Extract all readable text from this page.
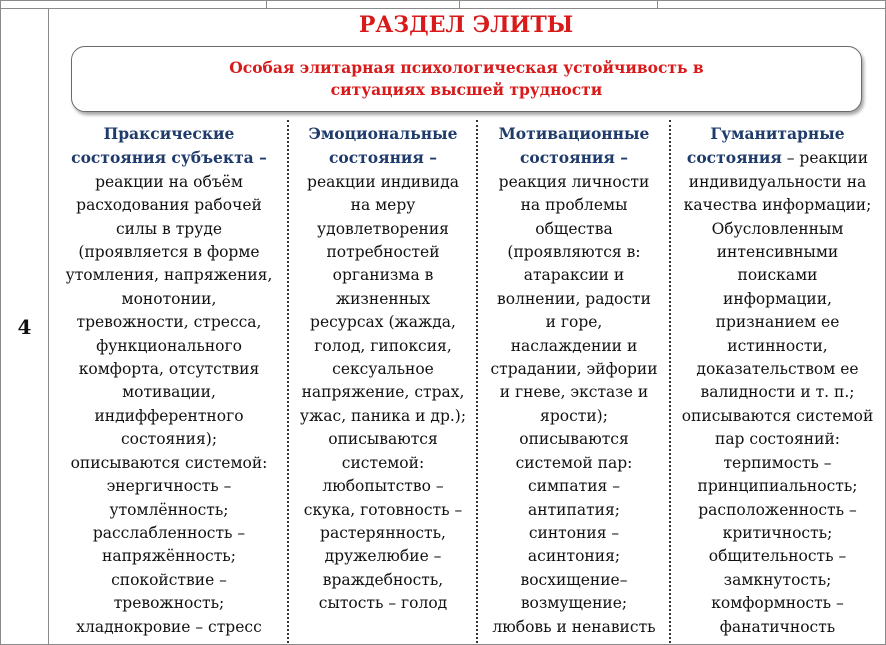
4
РАЗДЕЛ ЭЛИТЫ
Особая элитарная психологическая устойчивость в
ситуациях высшей трудности
Праксические
состояния субъекта –
реакции на объём
расходования рабочей
силы в труде
(проявляется в форме
утомления, напряжения,
монотонии,
тревожности, стресса,
функционального
комфорта, отсутствия
мотивации,
индифферентного
состояния);
описываются системой:
энергичность –
утомлённость;
расслабленность –
напряжённость;
спокойствие –
тревожность;
хладнокровие – стресс
Эмоциональные
состояния –
реакции индивида
на меру
удовлетворения
потребностей
организма в
жизненных
ресурсах (жажда,
голод, гипоксия,
сексуальное
напряжение, страх,
ужас, паника и др.);
описываются
системой:
любопытство –
скука, готовность –
растерянность,
дружелюбие –
враждебность,
сытость – голод
Мотивационные
состояния –
реакция личности
на проблемы
общества
(проявляются в:
атараксии и
волнении, радости
и горе,
наслаждении и
страдании, эйфории
и гневе, экстазе и
ярости);
описываются
системой пар:
симпатия –
антипатия;
синтония –
асинтония;
восхищение–
возмущение;
любовь и ненависть
Гуманитарные
состояния – реакции
индивидуальности на
качества информации;
Обусловленным
интенсивными
поисками
информации,
признанием ее
истинности,
доказательством ее
валидности и т. п.;
описываются системой
пар состояний:
терпимость –
принципиальность;
расположенность –
критичность;
общительность –
замкнутость;
комформность –
фанатичность
